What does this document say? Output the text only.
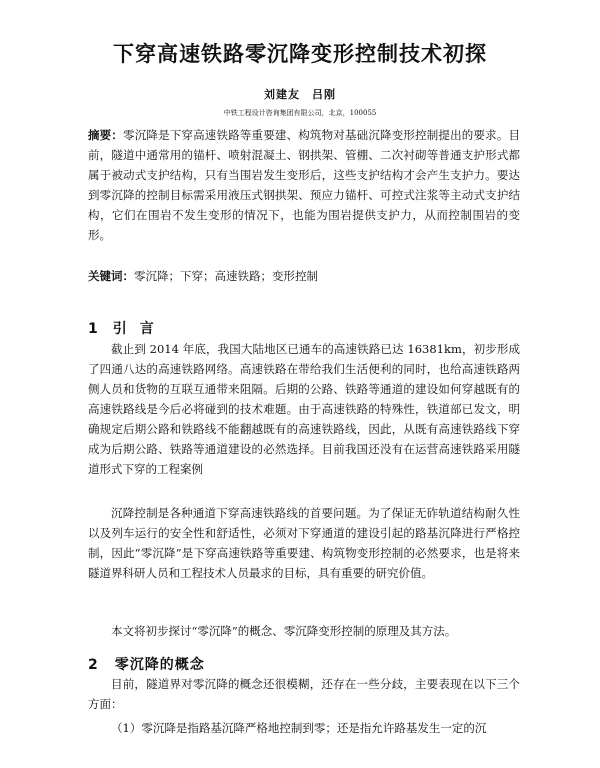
下穿高速铁路零沉降变形控制技术初探
刘建友　吕刚
中铁工程设计咨询集团有限公司，北京，100055
摘要：零沉降是下穿高速铁路等重要建、构筑物对基础沉降变形控制提出的要求。目前，隧道中通常用的锚杆、喷射混凝土、钢拱架、管棚、二次衬砌等普通支护形式都属于被动式支护结构，只有当围岩发生变形后，这些支护结构才会产生支护力。要达到零沉降的控制目标需采用液压式钢拱架、预应力锚杆、可控式注浆等主动式支护结构，它们在围岩不发生变形的情况下，也能为围岩提供支护力，从而控制围岩的变形。
关键词：零沉降；下穿；高速铁路；变形控制
1 引 言
截止到 2014 年底，我国大陆地区已通车的高速铁路已达 16381km，初步形成了四通八达的高速铁路网络。高速铁路在带给我们生活便利的同时，也给高速铁路两侧人员和货物的互联互通带来阻隔。后期的公路、铁路等通道的建设如何穿越既有的高速铁路线是今后必将碰到的技术难题。由于高速铁路的特殊性，铁道部已发文，明确规定后期公路和铁路线不能翻越既有的高速铁路线，因此，从既有高速铁路线下穿成为后期公路、铁路等通道建设的必然选择。目前我国还没有在运营高速铁路采用隧道形式下穿的工程案例
沉降控制是各种通道下穿高速铁路线的首要问题。为了保证无砟轨道结构耐久性以及列车运行的安全性和舒适性，必须对下穿通道的建设引起的路基沉降进行严格控制，因此“零沉降”是下穿高速铁路等重要建、构筑物变形控制的必然要求，也是将来隧道界科研人员和工程技术人员最求的目标，具有重要的研究价值。
本文将初步探讨“零沉降”的概念、零沉降变形控制的原理及其方法。
2 零沉降的概念
目前，隧道界对零沉降的概念还很模糊，还存在一些分歧，主要表现在以下三个方面：
（1）零沉降是指路基沉降严格地控制到零；还是指允许路基发生一定的沉
